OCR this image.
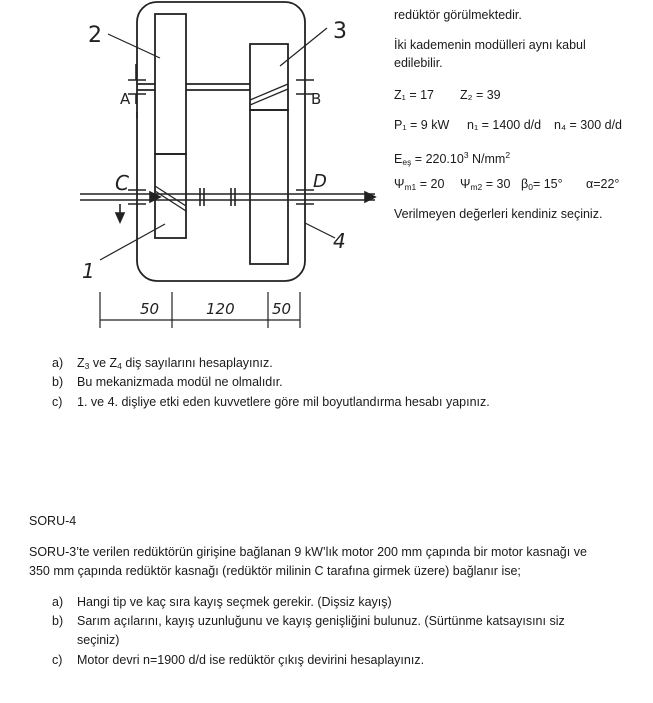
2	3
A	B
C	D
1
4
50	120 50
redüktör görülmektedir.
İki kademenin modülleri aynı kabul
edilebilir.
Z₁ = 17 Z₂ = 39
P₁ = 9 kW n₁ = 1400 d/d n₄ = 300 d/d
$E_{eş} = 220.10^3$ $N/mm^2$
$\Psi_{m1} = 20$ $\Psi_{m2} = 30$ $\beta_0= 15^\circ$ α=22°
Verilmeyen değerleri kendiniz seçiniz.
a) $Z_3$ ve $Z_4$ diş sayılarını hesaplayınız.
b) Bu mekanizmada modül ne olmalıdır.
c) 1. ve 4. dişliye etki eden kuvvetlere göre mil boyutlandırma hesabı yapınız.
SORU-4
SORU-3’te verilen redüktörün girişine bağlanan 9 kW’lık motor 200 mm çapında bir motor kasnağı ve
350 mm çapında redüktör kasnağı (redüktör milinin C tarafına girmek üzere) bağlanır ise;
a) Hangi tip ve kaç sıra kayış seçmek gerekir. (Dişsiz kayış)
b) Sarım açılarını, kayış uzunluğunu ve kayış genişliğini bulunuz. (Sürtünme katsayısını siz
seçiniz)
c) Motor devri n=1900 d/d ise redüktör çıkış devirini hesaplayınız.
